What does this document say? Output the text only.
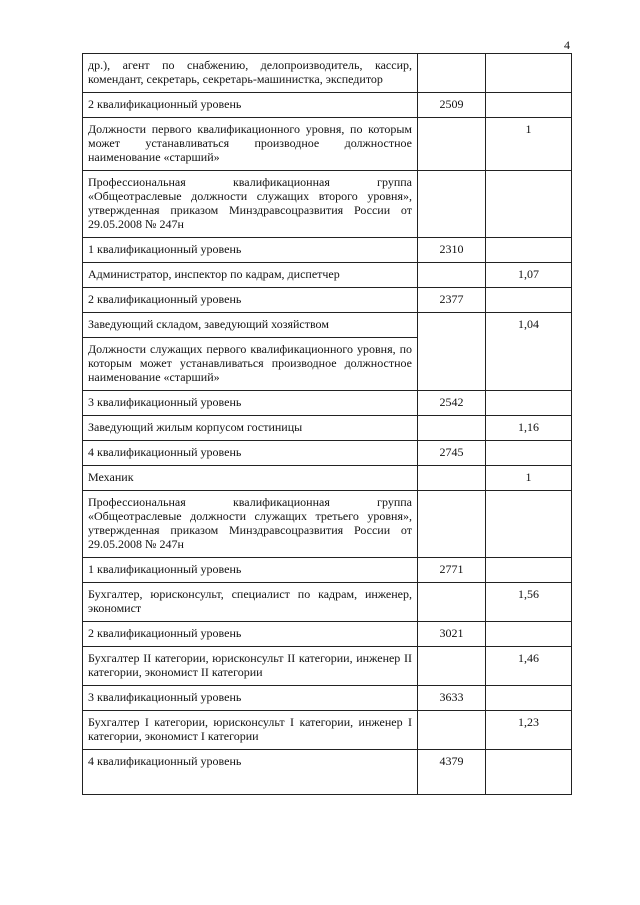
4
др.), агент по снабжению, делопроизводитель, кассир, комендант, секретарь, секретарь-машинистка, экспедитор		
2 квалификационный уровень	2509	
Должности первого квалификационного уровня, по которым может устанавливаться производное должностное наименование «старший»		1
Профессиональная квалификационная группа «Общеотраслевые должности служащих второго уровня», утвержденная приказом Минздравсоцразвития России от 29.05.2008 № 247н		
1 квалификационный уровень	2310	
Администратор, инспектор по кадрам, диспетчер		1,07
2 квалификационный уровень	2377	
Заведующий складом, заведующий хозяйством		1,04
Должности служащих первого квалификационного уровня, по которым может устанавливаться производное должностное наименование «старший»		
3 квалификационный уровень	2542	
Заведующий жилым корпусом гостиницы		1,16
4 квалификационный уровень	2745	
Механик		1
Профессиональная квалификационная группа «Общеотраслевые должности служащих третьего уровня», утвержденная приказом Минздравсоцразвития России от 29.05.2008 № 247н		
1 квалификационный уровень	2771	
Бухгалтер, юрисконсульт, специалист по кадрам, инженер, экономист		1,56
2 квалификационный уровень	3021	
Бухгалтер II категории, юрисконсульт II категории, инженер II категории, экономист II категории		1,46
3 квалификационный уровень	3633	
Бухгалтер I категории, юрисконсульт I категории, инженер I категории, экономист I категории		1,23
4 квалификационный уровень	4379	
